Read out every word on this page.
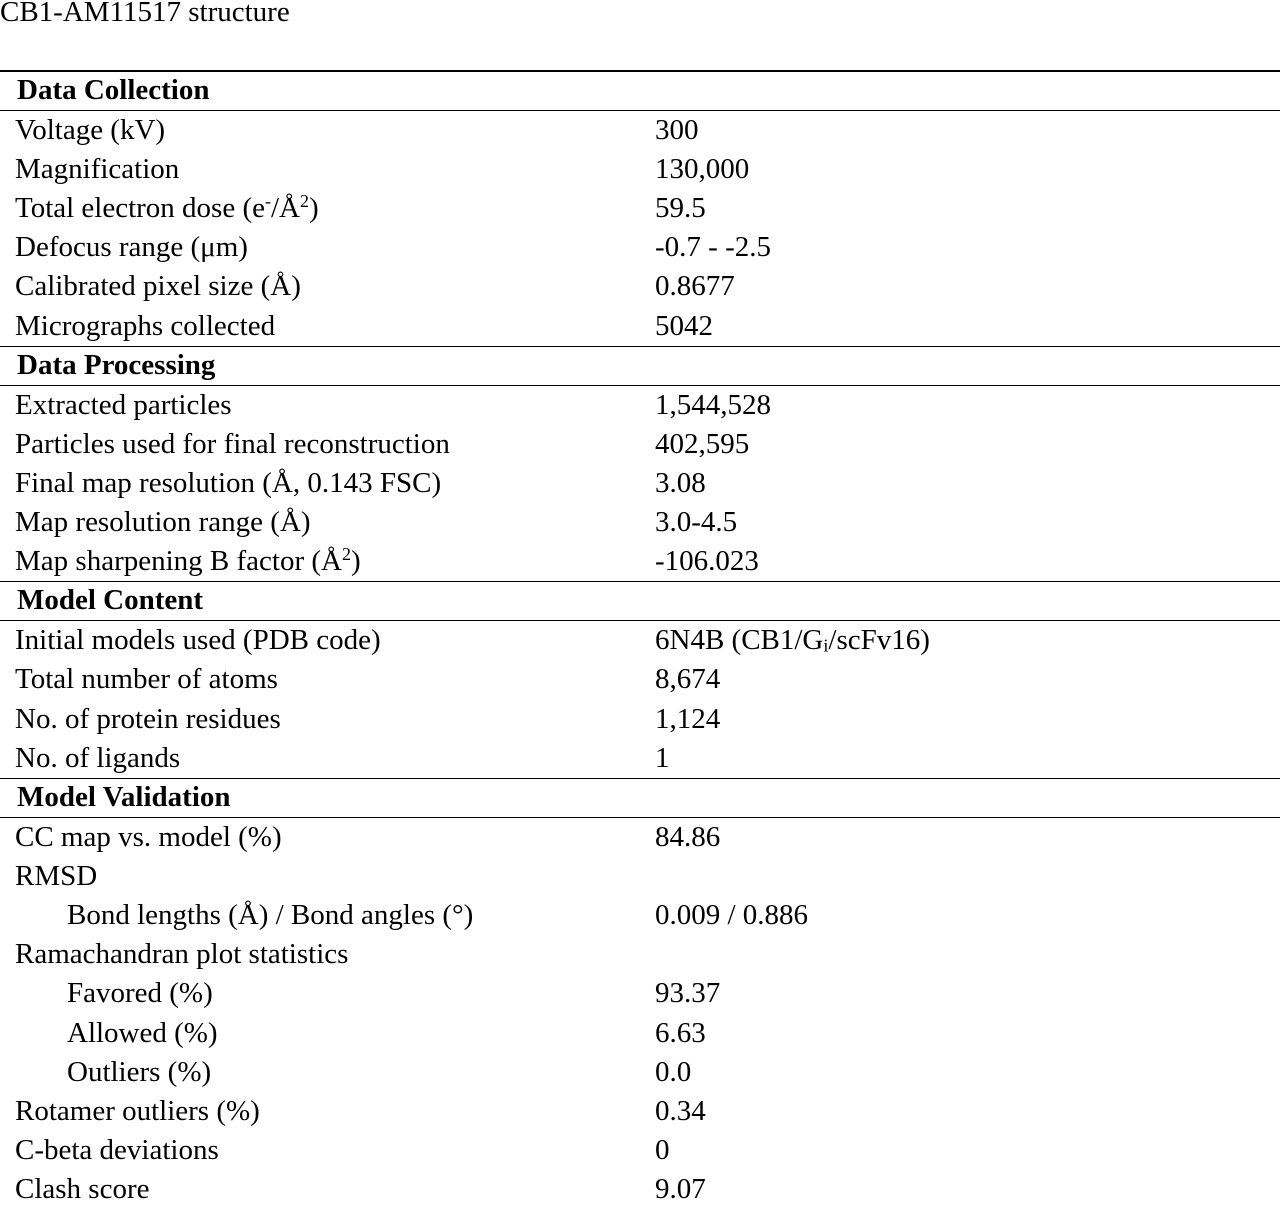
CB1-AM11517 structure
Data Collection
Voltage (kV)	300
Magnification	130,000
Total electron dose $(e^-/Å^2)$	59.5
Defocus range (μm)	-0.7 - -2.5
Calibrated pixel size (Å)	0.8677
Micrographs collected	5042
Data Processing
Extracted particles	1,544,528
Particles used for final reconstruction	402,595
Final map resolution (Å, 0.143 FSC)	3.08
Map resolution range (Å)	3.0-4.5
Map sharpening B factor $(Å^2)$	-106.023
Model Content
Initial models used (PDB code)	6N4B $(CB1/G_i/scFv16)$
Total number of atoms	8,674
No. of protein residues	1,124
No. of ligands	1
Model Validation
CC map vs. model (%)	84.86
RMSD
Bond lengths (Å) / Bond angles (°)	0.009 / 0.886
Ramachandran plot statistics
Favored (%)	93.37
Allowed (%)	6.63
Outliers (%)	0.0
Rotamer outliers (%)	0.34
C-beta deviations	0
Clash score	9.07
